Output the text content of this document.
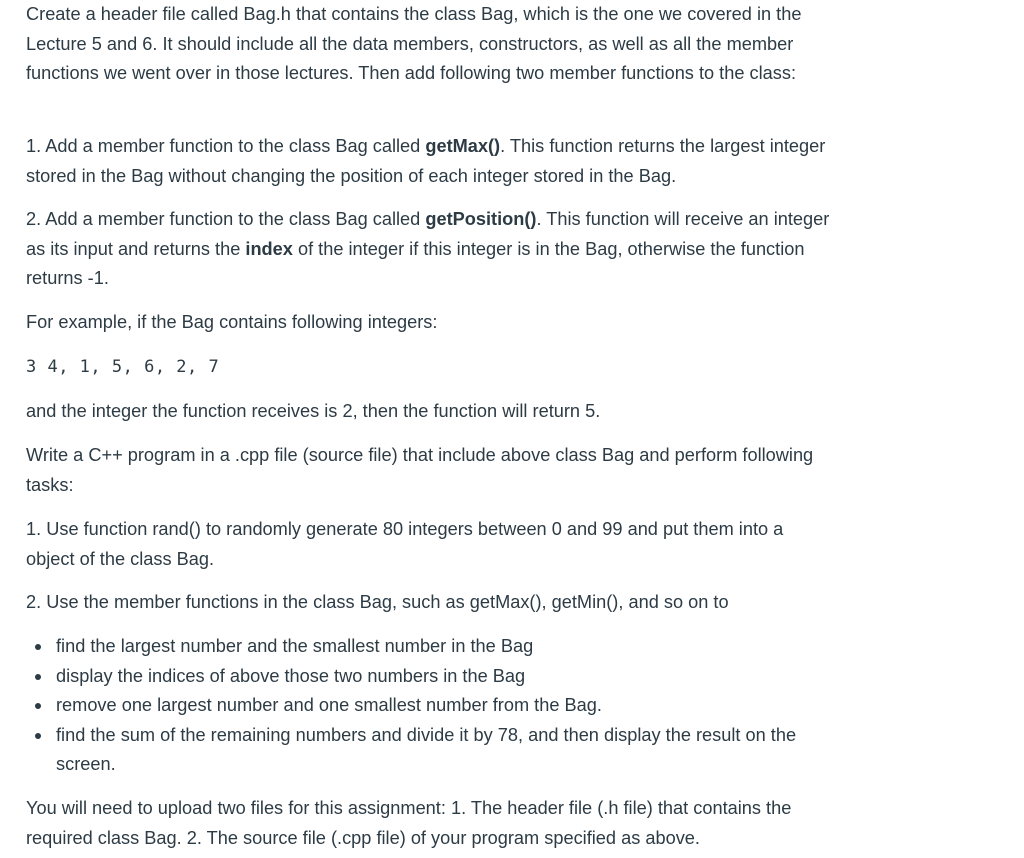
Create a header file called Bag.h that contains the class Bag, which is the one we covered in the Lecture 5 and 6. It should include all the data members, constructors, as well as all the member functions we went over in those lectures. Then add following two member functions to the class:

1. Add a member function to the class Bag called getMax(). This function returns the largest integer stored in the Bag without changing the position of each integer stored in the Bag.

2. Add a member function to the class Bag called getPosition(). This function will receive an integer as its input and returns the index of the integer if this integer is in the Bag, otherwise the function returns -1.

For example, if the Bag contains following integers:

3 4, 1, 5, 6, 2, 7

and the integer the function receives is 2, then the function will return 5.

Write a C++ program in a .cpp file (source file) that include above class Bag and perform following tasks:

1. Use function rand() to randomly generate 80 integers between 0 and 99 and put them into a object of the class Bag.

2. Use the member functions in the class Bag, such as getMax(), getMin(), and so on to

find the largest number and the smallest number in the Bag
display the indices of above those two numbers in the Bag
remove one largest number and one smallest number from the Bag.
find the sum of the remaining numbers and divide it by 78, and then display the result on the screen.

You will need to upload two files for this assignment: 1. The header file (.h file) that contains the required class Bag. 2. The source file (.cpp file) of your program specified as above.
